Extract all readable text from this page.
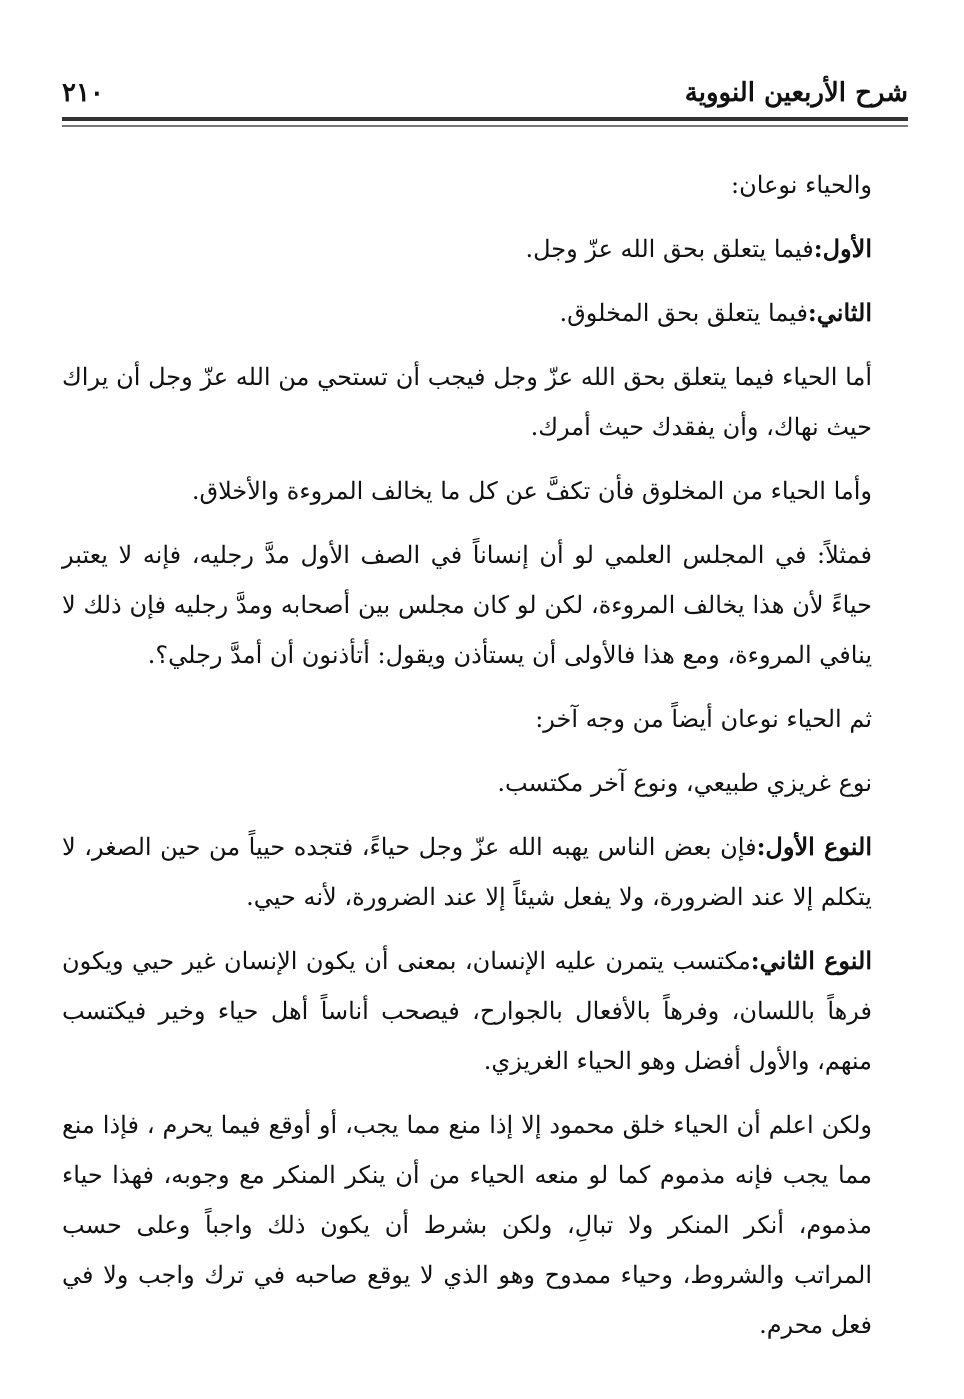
شرح الأربعين النووية
٢١٠

والحياء نوعان:

الأول:فيما يتعلق بحق الله عزّ وجل.

الثاني:فيما يتعلق بحق المخلوق.

أما الحياء فيما يتعلق بحق الله عزّ وجل فيجب أن تستحي من الله عزّ وجل أن يراك حيث نهاك، وأن يفقدك حيث أمرك.

وأما الحياء من المخلوق فأن تكفَّ عن كل ما يخالف المروءة والأخلاق.

فمثلاً: في المجلس العلمي لو أن إنساناً في الصف الأول مدَّ رجليه، فإنه لا يعتبر حياءً لأن هذا يخالف المروءة، لكن لو كان مجلس بين أصحابه ومدَّ رجليه فإن ذلك لا ينافي المروءة، ومع هذا فالأولى أن يستأذن ويقول: أتأذنون أن أمدَّ رجلي؟.

ثم الحياء نوعان أيضاً من وجه آخر:

نوع غريزي طبيعي، ونوع آخر مكتسب.

النوع الأول:فإن بعض الناس يهبه الله عزّ وجل حياءً، فتجده حيياً من حين الصغر، لا يتكلم إلا عند الضرورة، ولا يفعل شيئاً إلا عند الضرورة، لأنه حيي.

النوع الثاني:مكتسب يتمرن عليه الإنسان، بمعنى أن يكون الإنسان غير حيي ويكون فرهاً باللسان، وفرهاً بالأفعال بالجوارح، فيصحب أناساً أهل حياء وخير فيكتسب منهم، والأول أفضل وهو الحياء الغريزي.

ولكن اعلم أن الحياء خلق محمود إلا إذا منع مما يجب، أو أوقع فيما يحرم ، فإذا منع مما يجب فإنه مذموم كما لو منعه الحياء من أن ينكر المنكر مع وجوبه، فهذا حياء مذموم، أنكر المنكر ولا تبالِ، ولكن بشرط أن يكون ذلك واجباً وعلى حسب المراتب والشروط، وحياء ممدوح وهو الذي لا يوقع صاحبه في ترك واجب ولا في فعل محرم.
